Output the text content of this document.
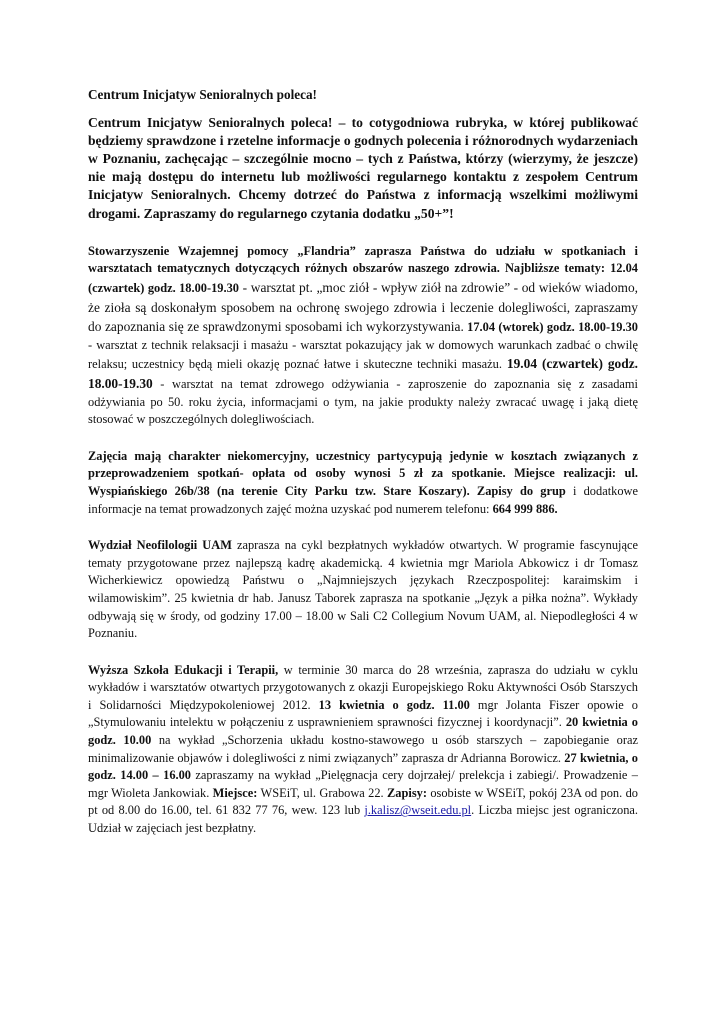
Centrum Inicjatyw Senioralnych poleca!

Centrum Inicjatyw Senioralnych poleca! – to cotygodniowa rubryka, w której publikować będziemy sprawdzone i rzetelne informacje o godnych polecenia i różnorodnych wydarzeniach w Poznaniu, zachęcając – szczególnie mocno – tych z Państwa, którzy (wierzymy, że jeszcze) nie mają dostępu do internetu lub możliwości regularnego kontaktu z zespołem Centrum Inicjatyw Senioralnych. Chcemy dotrzeć do Państwa z informacją wszelkimi możliwymi drogami. Zapraszamy do regularnego czytania dodatku „50+”!

Stowarzyszenie Wzajemnej pomocy „Flandria” zaprasza Państwa do udziału w spotkaniach i warsztatach tematycznych dotyczących różnych obszarów naszego zdrowia. Najbliższe tematy: 12.04 (czwartek) godz. 18.00-19.30 - warsztat pt. „moc ziół - wpływ ziół na zdrowie” - od wieków wiadomo, że zioła są doskonałym sposobem na ochronę swojego zdrowia i leczenie dolegliwości, zapraszamy do zapoznania się ze sprawdzonymi sposobami ich wykorzystywania. 17.04 (wtorek) godz. 18.00-19.30 - warsztat z technik relaksacji i masażu - warsztat pokazujący jak w domowych warunkach zadbać o chwilę relaksu; uczestnicy będą mieli okazję poznać łatwe i skuteczne techniki masażu. 19.04 (czwartek) godz. 18.00-19.30 - warsztat na temat zdrowego odżywiania - zaproszenie do zapoznania się z zasadami odżywiania po 50. roku życia, informacjami o tym, na jakie produkty należy zwracać uwagę i jaką dietę stosować w poszczególnych dolegliwościach.

Zajęcia mają charakter niekomercyjny, uczestnicy partycypują jedynie w kosztach związanych z przeprowadzeniem spotkań- opłata od osoby wynosi 5 zł za spotkanie. Miejsce realizacji: ul. Wyspiańskiego 26b/38 (na terenie City Parku tzw. Stare Koszary). Zapisy do grup i dodatkowe informacje na temat prowadzonych zajęć można uzyskać pod numerem telefonu: 664 999 886.

Wydział Neofilologii UAM zaprasza na cykl bezpłatnych wykładów otwartych. W programie fascynujące tematy przygotowane przez najlepszą kadrę akademicką. 4 kwietnia mgr Mariola Abkowicz i dr Tomasz Wicherkiewicz opowiedzą Państwu o „Najmniejszych językach Rzeczpospolitej: karaimskim i wilamowiskim”. 25 kwietnia dr hab. Janusz Taborek zaprasza na spotkanie „Język a piłka nożna”. Wykłady odbywają się w środy, od godziny 17.00 – 18.00 w Sali C2 Collegium Novum UAM, al. Niepodległości 4 w Poznaniu.

Wyższa Szkoła Edukacji i Terapii, w terminie 30 marca do 28 września, zaprasza do udziału w cyklu wykładów i warsztatów otwartych przygotowanych z okazji Europejskiego Roku Aktywności Osób Starszych i Solidarności Międzypokoleniowej 2012. 13 kwietnia o godz. 11.00 mgr Jolanta Fiszer opowie o „Stymulowaniu intelektu w połączeniu z usprawnieniem sprawności fizycznej i koordynacji”. 20 kwietnia o godz. 10.00 na wykład „Schorzenia układu kostno-stawowego u osób starszych – zapobieganie oraz minimalizowanie objawów i dolegliwości z nimi związanych” zaprasza dr Adrianna Borowicz. 27 kwietnia, o godz. 14.00 – 16.00 zapraszamy na wykład „Pielęgnacja cery dojrzałej/ prelekcja i zabiegi/. Prowadzenie – mgr Wioleta Jankowiak. Miejsce: WSEiT, ul. Grabowa 22. Zapisy: osobiste w WSEiT, pokój 23A od pon. do pt od 8.00 do 16.00, tel. 61 832 77 76, wew. 123 lub j.kalisz@wseit.edu.pl. Liczba miejsc jest ograniczona. Udział w zajęciach jest bezpłatny.
